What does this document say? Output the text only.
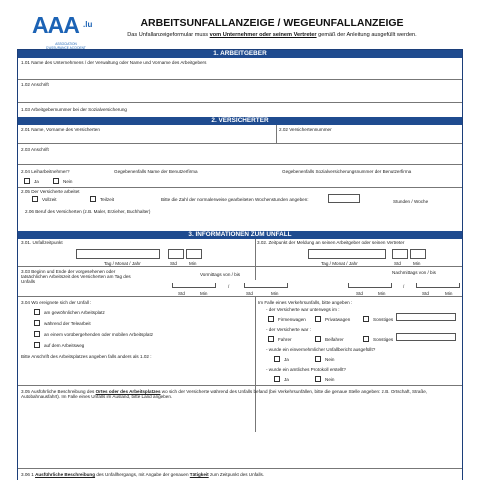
AAA .lu
ASSOCIATION
D'ASSURANCE ACCIDENT
ARBEITSUNFALLANZEIGE / WEGEUNFALLANZEIGE
Das Unfallanzeigeformular muss vom Unternehmer oder seinem Vertreter gemäß der Anleitung ausgefüllt werden.
1. ARBEITGEBER
1.01 Name des Unternehmens / der Verwaltung oder Name und Vorname des Arbeitgebers
1.02 Anschrift
1.03 Arbeitgebernummer bei der Sozialversicherung
2. VERSICHERTER
2.01 Name, Vorname des Versicherten	2.02 Versichertennummer
2.03 Anschrift
2.04 Leiharbeitnehmer?
Ja	Nein
Gegebenenfalls Name der Benutzerfirma	Gegebenenfalls Sozialversicherungsnummer der Benutzerfirma
2.05 Der Versicherte arbeitet
Vollzeit	Teilzeit	Bitte die Zahl der normalerweise gearbeiteten Wochenstunden angeben:	Stunden / Woche
2.06 Beruf des Versicherten (z.B. Maler, Erzieher, Buchhalter)
3. INFORMATIONEN ZUM UNFALL
3.01. Unfallzeitpunkt	3.02. Zeitpunkt der Meldung an seinen Arbeitgeber oder seinen Vertreter
Tag / Monat / Jahr	Std	Min	Tag / Monat / Jahr	Std	Min
3.03 Beginn und Ende der vorgesehenen oder tatsächlichen Arbeitszeit des Versicherten am Tag des Unfalls
Vormittags von / bis	Nachmittags von / bis
/
Std	Min	Std	Min
/
Std	Min	Std	Min
3.04 Wo ereignete sich der Unfall :
am gewöhnlichen Arbeitsplatz
während der Telearbeit
an einem vorübergehenden oder mobilen Arbeitsplatz
auf dem Arbeitsweg
Bitte Anschrift des Arbeitsplatzes angeben falls anders als 1.02 :
Im Falle eines Verkehrsunfalls, bitte angeben :
- der Versicherte war unterwegs im :
Firmenwagen	Privatwagen	Sonstiges
- der Versicherte war :
Fahrer	Beifahrer	Sonstiges
- wurde ein einvernehmlicher Unfallbericht ausgefüllt?
Ja	Nein
- wurde ein amtliches Protokoll erstellt?
Ja	Nein
3.05 Ausführliche Beschreibung des Ortes oder des Arbeitsplatzes wo sich der Versicherte während des Unfalls befand (bei Verkehrsunfällen, bitte die genaue Stelle angeben: z.B. Ortschaft, Straße, Autobahnausfahrt). Im Falle eines Unfalls im Ausland, bitte Land angeben.
3.06 1 Ausführliche Beschreibung des Unfallhergangs, mit Angabe der genauen Tätigkeit zum Zeitpunkt des Unfalls.
